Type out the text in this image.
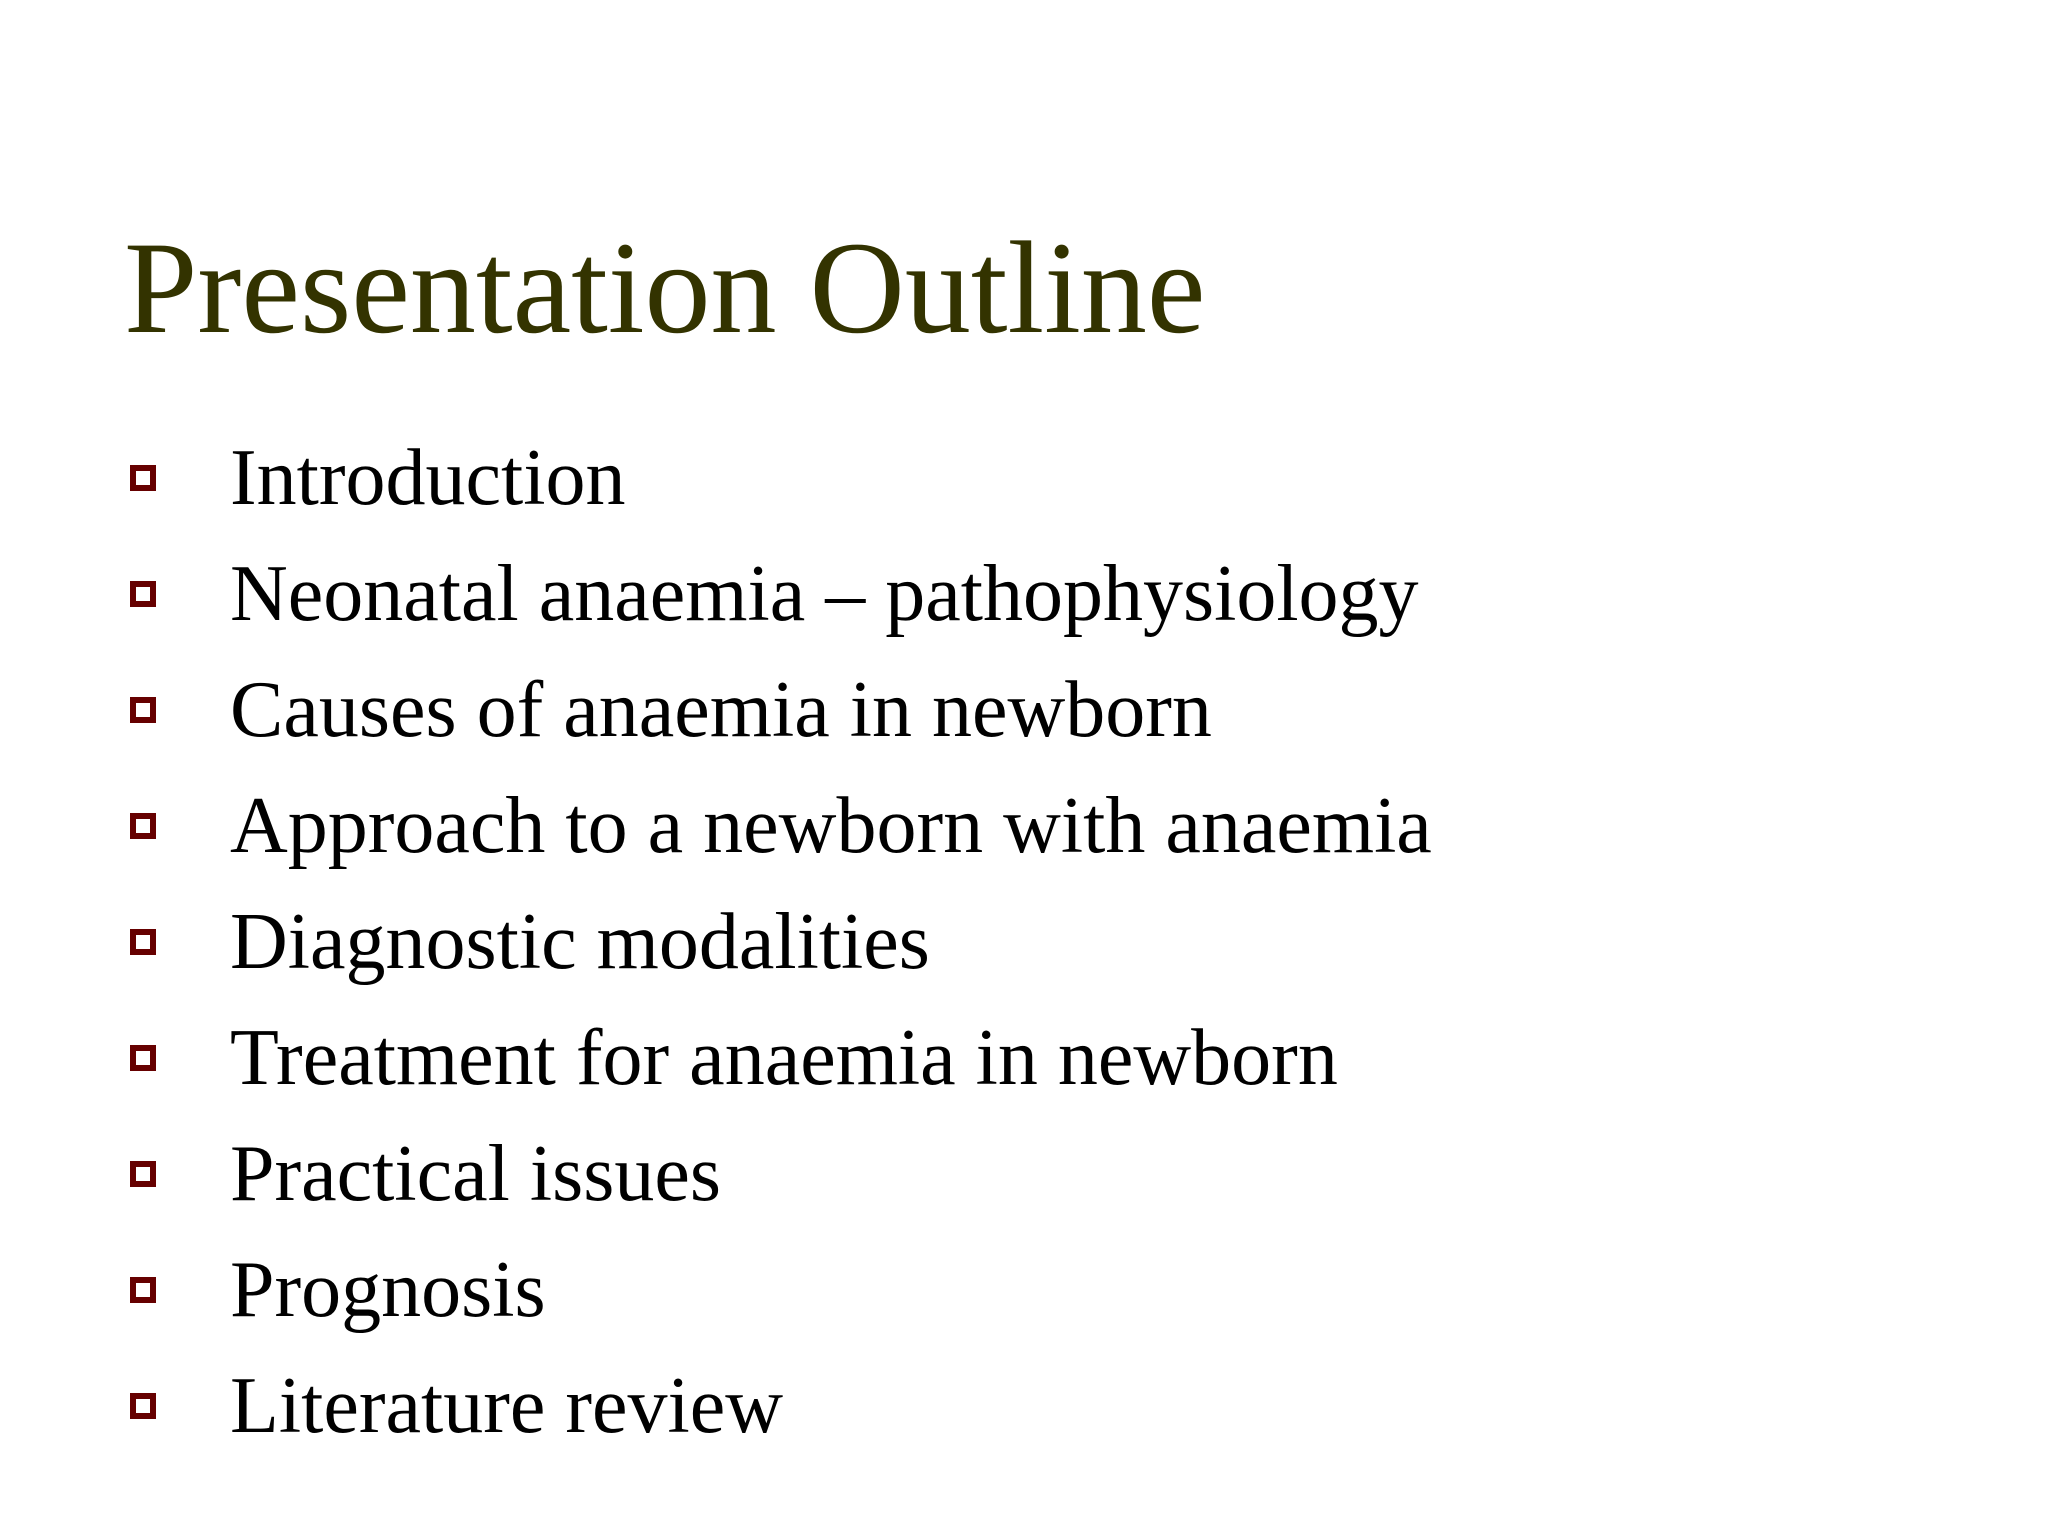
Presentation Outline
Introduction
Neonatal anaemia – pathophysiology
Causes of anaemia in newborn
Approach to a newborn with anaemia
Diagnostic modalities
Treatment for anaemia in newborn
Practical issues
Prognosis
Literature review
